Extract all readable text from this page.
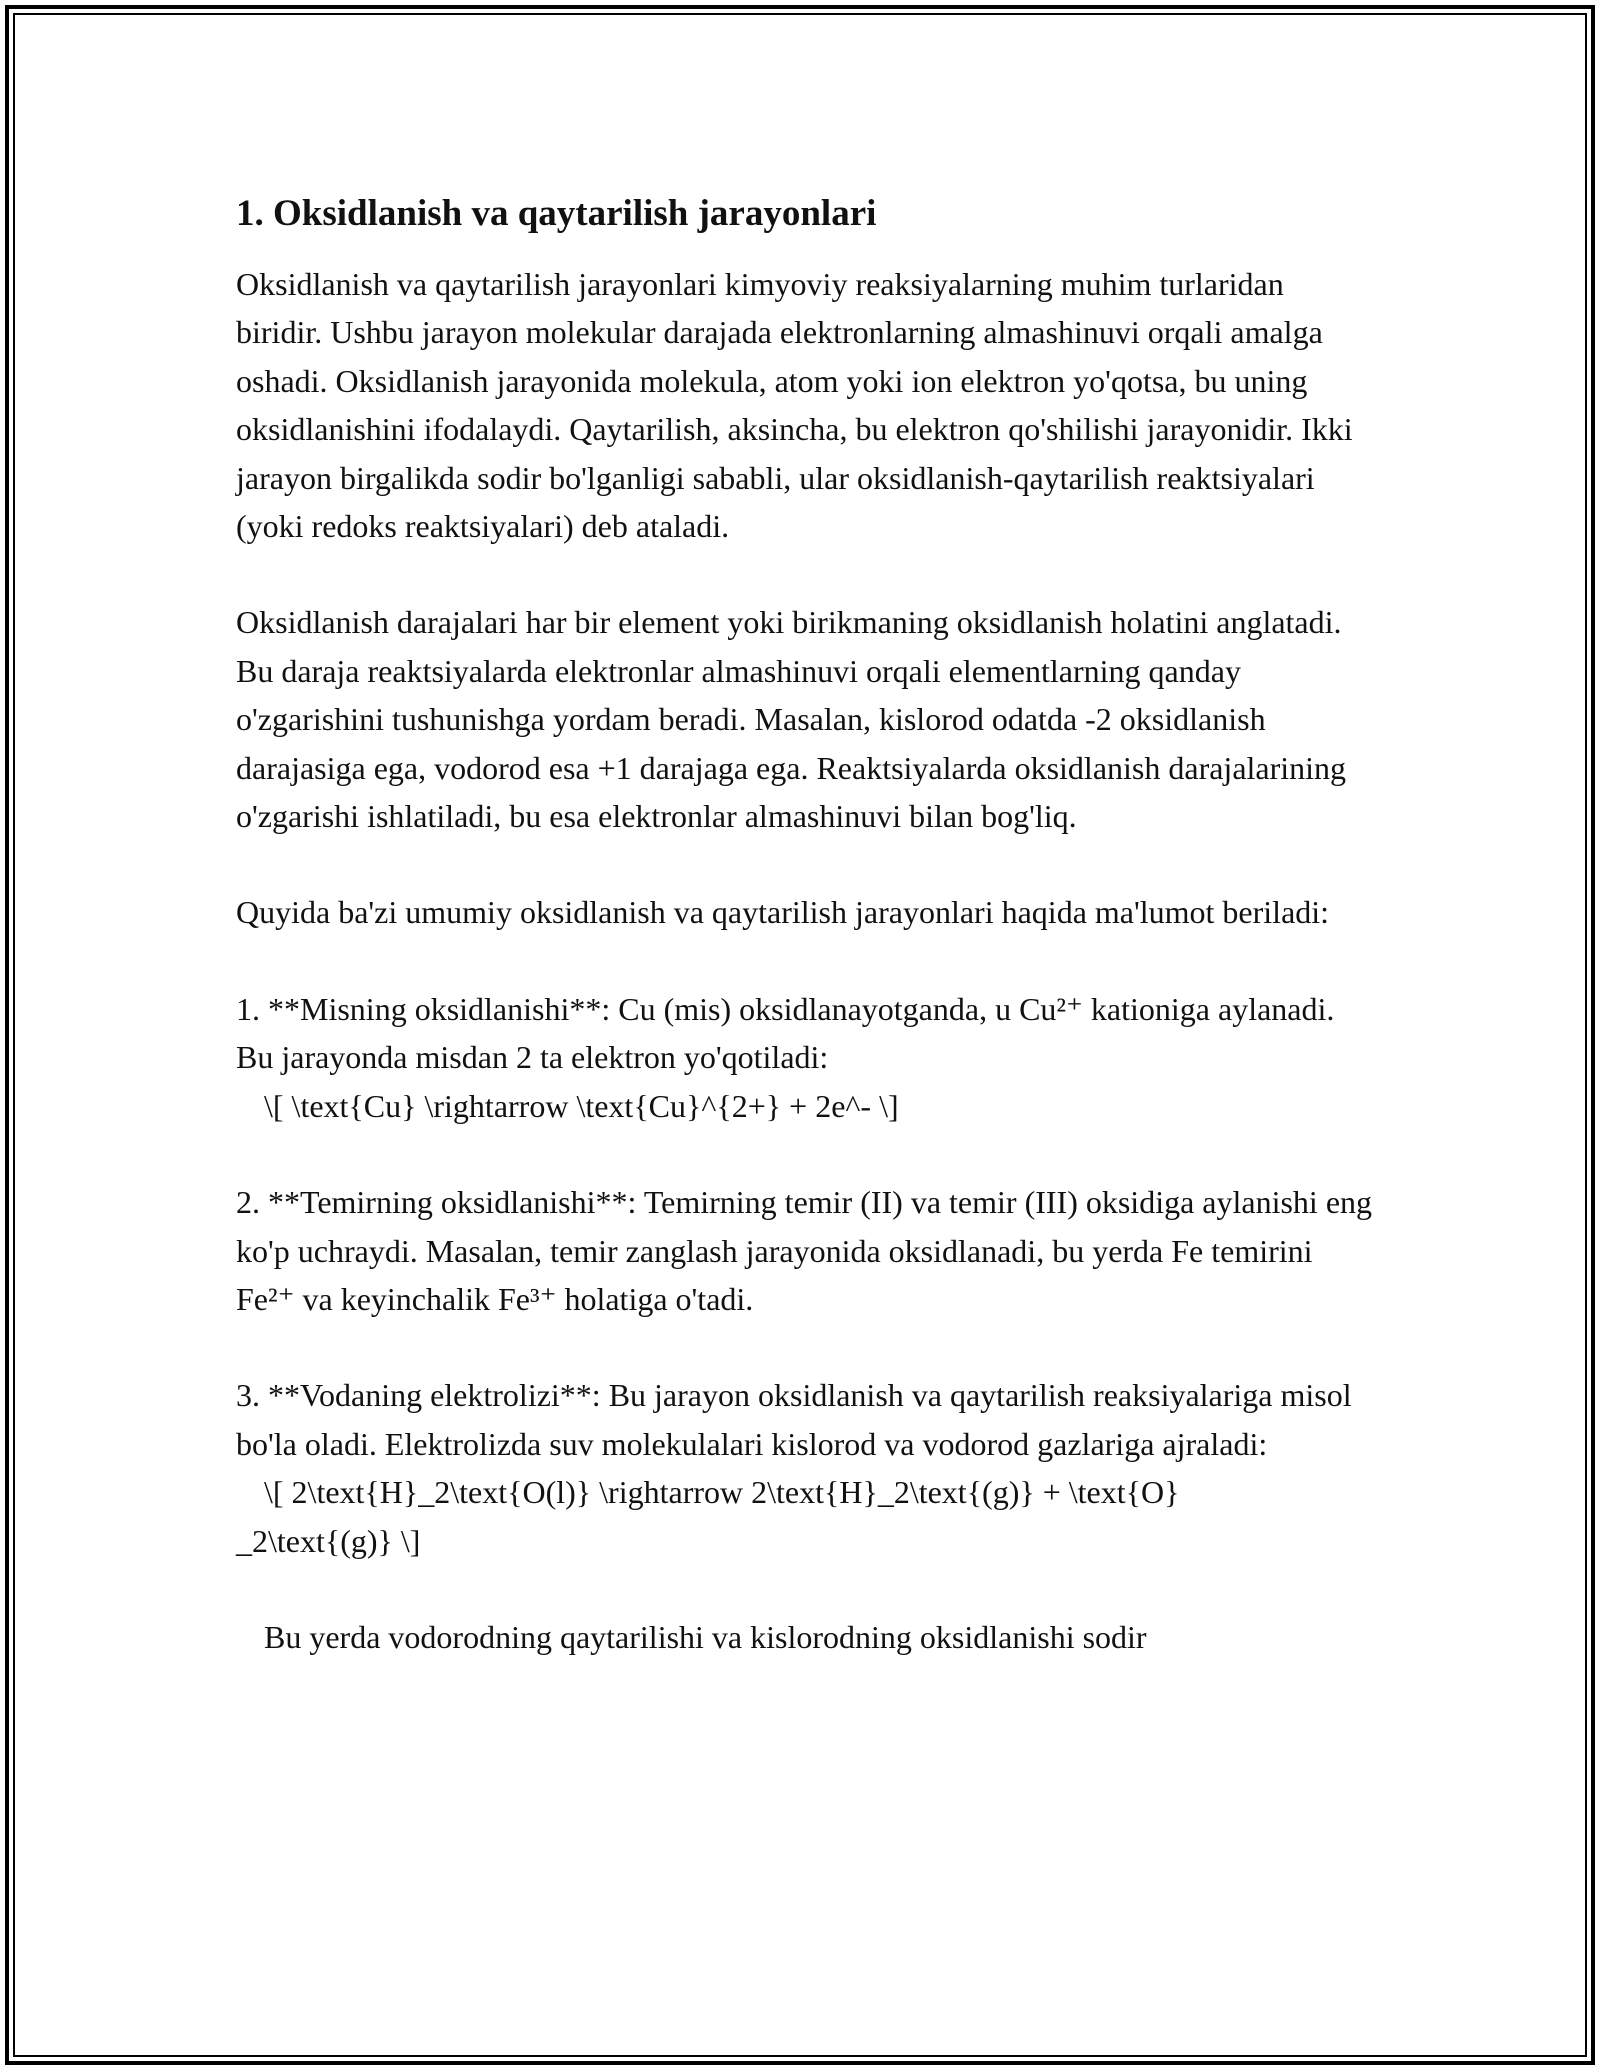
1. Oksidlanish va qaytarilish jarayonlari

Oksidlanish va qaytarilish jarayonlari kimyoviy reaksiyalarning muhim turlaridan biridir. Ushbu jarayon molekular darajada elektronlarning almashinuvi orqali amalga oshadi. Oksidlanish jarayonida molekula, atom yoki ion elektron yo'qotsa, bu uning oksidlanishini ifodalaydi. Qaytarilish, aksincha, bu elektron qo'shilishi jarayonidir. Ikki jarayon birgalikda sodir bo'lganligi sababli, ular oksidlanish-qaytarilish reaktsiyalari (yoki redoks reaktsiyalari) deb ataladi.

Oksidlanish darajalari har bir element yoki birikmaning oksidlanish holatini anglatadi. Bu daraja reaktsiyalarda elektronlar almashinuvi orqali elementlarning qanday o'zgarishini tushunishga yordam beradi. Masalan, kislorod odatda -2 oksidlanish darajasiga ega, vodorod esa +1 darajaga ega. Reaktsiyalarda oksidlanish darajalarining o'zgarishi ishlatiladi, bu esa elektronlar almashinuvi bilan bog'liq.

Quyida ba'zi umumiy oksidlanish va qaytarilish jarayonlari haqida ma'lumot beriladi:

1. **Misning oksidlanishi**: Cu (mis) oksidlanayotganda, u Cu²⁺ kationiga aylanadi. Bu jarayonda misdan 2 ta elektron yo'qotiladi:

\[ \text{Cu} \rightarrow \text{Cu}^{2+} + 2e^- \]

2. **Temirning oksidlanishi**: Temirning temir (II) va temir (III) oksidiga aylanishi eng ko'p uchraydi. Masalan, temir zanglash jarayonida oksidlanadi, bu yerda Fe temirini Fe²⁺ va keyinchalik Fe³⁺ holatiga o'tadi.

3. **Vodaning elektrolizi**: Bu jarayon oksidlanish va qaytarilish reaksiyalariga misol bo'la oladi. Elektrolizda suv molekulalari kislorod va vodorod gazlariga ajraladi:

\[ 2\text{H}_2\text{O(l)} \rightarrow 2\text{H}_2\text{(g)} + \text{O}

_2\text{(g)} \]

Bu yerda vodorodning qaytarilishi va kislorodning oksidlanishi sodir
